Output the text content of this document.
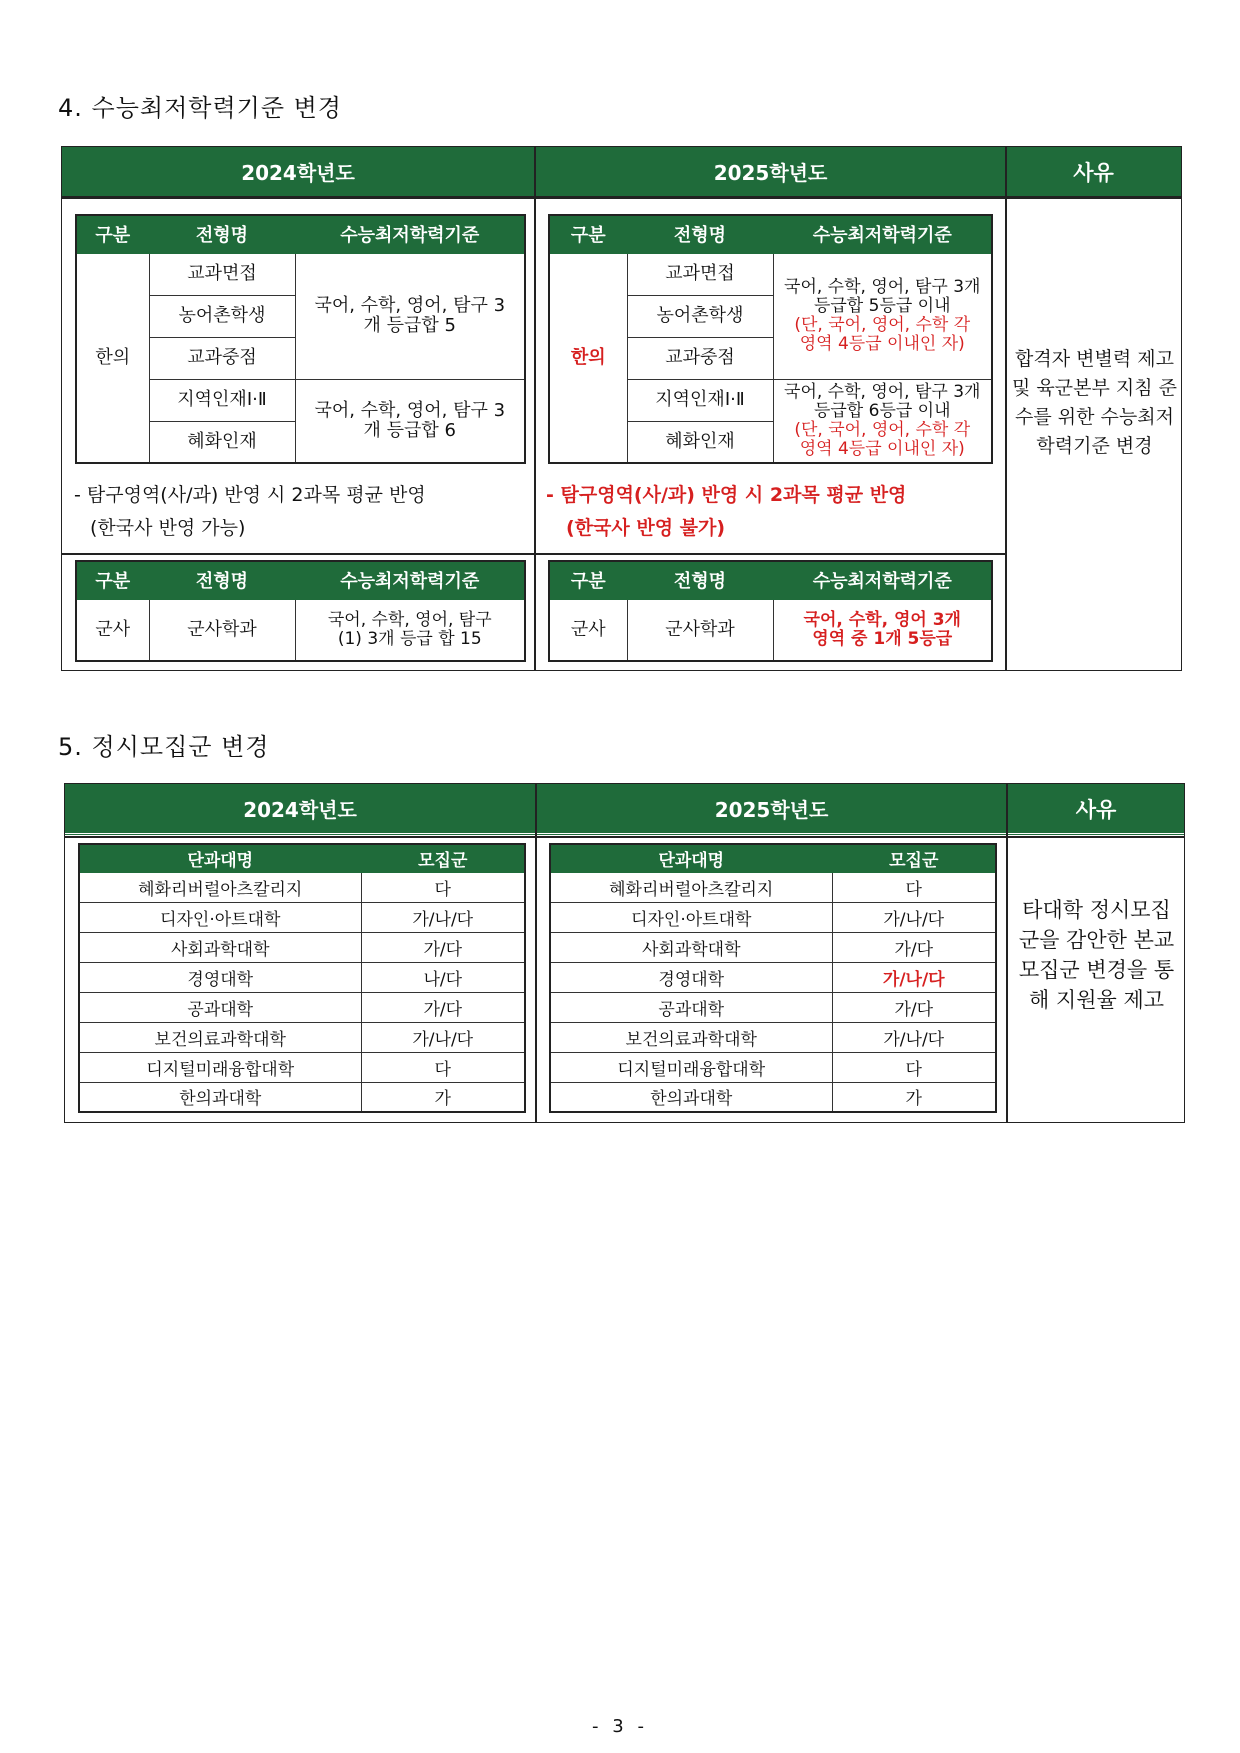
4. 수능최저학력기준 변경
2024학년도	2025학년도	사유
구분	전형명	수능최저학력기준
한의	교과면접	국어, 수학, 영어, 탐구 3개 등급합 5
	농어촌학생	
	교과중점	
	지역인재Ⅰ·Ⅱ	국어, 수학, 영어, 탐구 3개 등급합 6
	혜화인재	
- 탐구영역(사/과) 반영 시 2과목 평균 반영
(한국사 반영 가능)
구분	전형명	수능최저학력기준
한의	교과면접	국어, 수학, 영어, 탐구 3개 등급합 5등급 이내
(단, 국어, 영어, 수학 각 영역 4등급 이내인 자)

	농어촌학생	
	교과중점	
	지역인재Ⅰ·Ⅱ	국어, 수학, 영어, 탐구 3개 등급합 6등급 이내
(단, 국어, 영어, 수학 각 영역 4등급 이내인 자)

	혜화인재	
- 탐구영역(사/과) 반영 시 2과목 평균 반영
(한국사 반영 불가)
구분	전형명	수능최저학력기준
군사	군사학과	국어, 수학, 영어, 탐구(1) 3개 등급 합 15
구분	전형명	수능최저학력기준
군사	군사학과	국어, 수학, 영어 3개 영역 중 1개 5등급
합격자 변별력 제고 및 육군본부 지침 준수를 위한 수능최저학력기준 변경
5. 정시모집군 변경
2024학년도	2025학년도	사유
단과대명	모집군
혜화리버럴아츠칼리지	다
디자인·아트대학	가/나/다
사회과학대학	가/다
경영대학	나/다
공과대학	가/다
보건의료과학대학	가/나/다
디지털미래융합대학	다
한의과대학	가
단과대명	모집군
혜화리버럴아츠칼리지	다
디자인·아트대학	가/나/다
사회과학대학	가/다
경영대학	가/나/다
공과대학	가/다
보건의료과학대학	가/나/다
디지털미래융합대학	다
한의과대학	가
타대학 정시모집군을 감안한 본교 모집군 변경을 통해 지원율 제고
- 3 -
